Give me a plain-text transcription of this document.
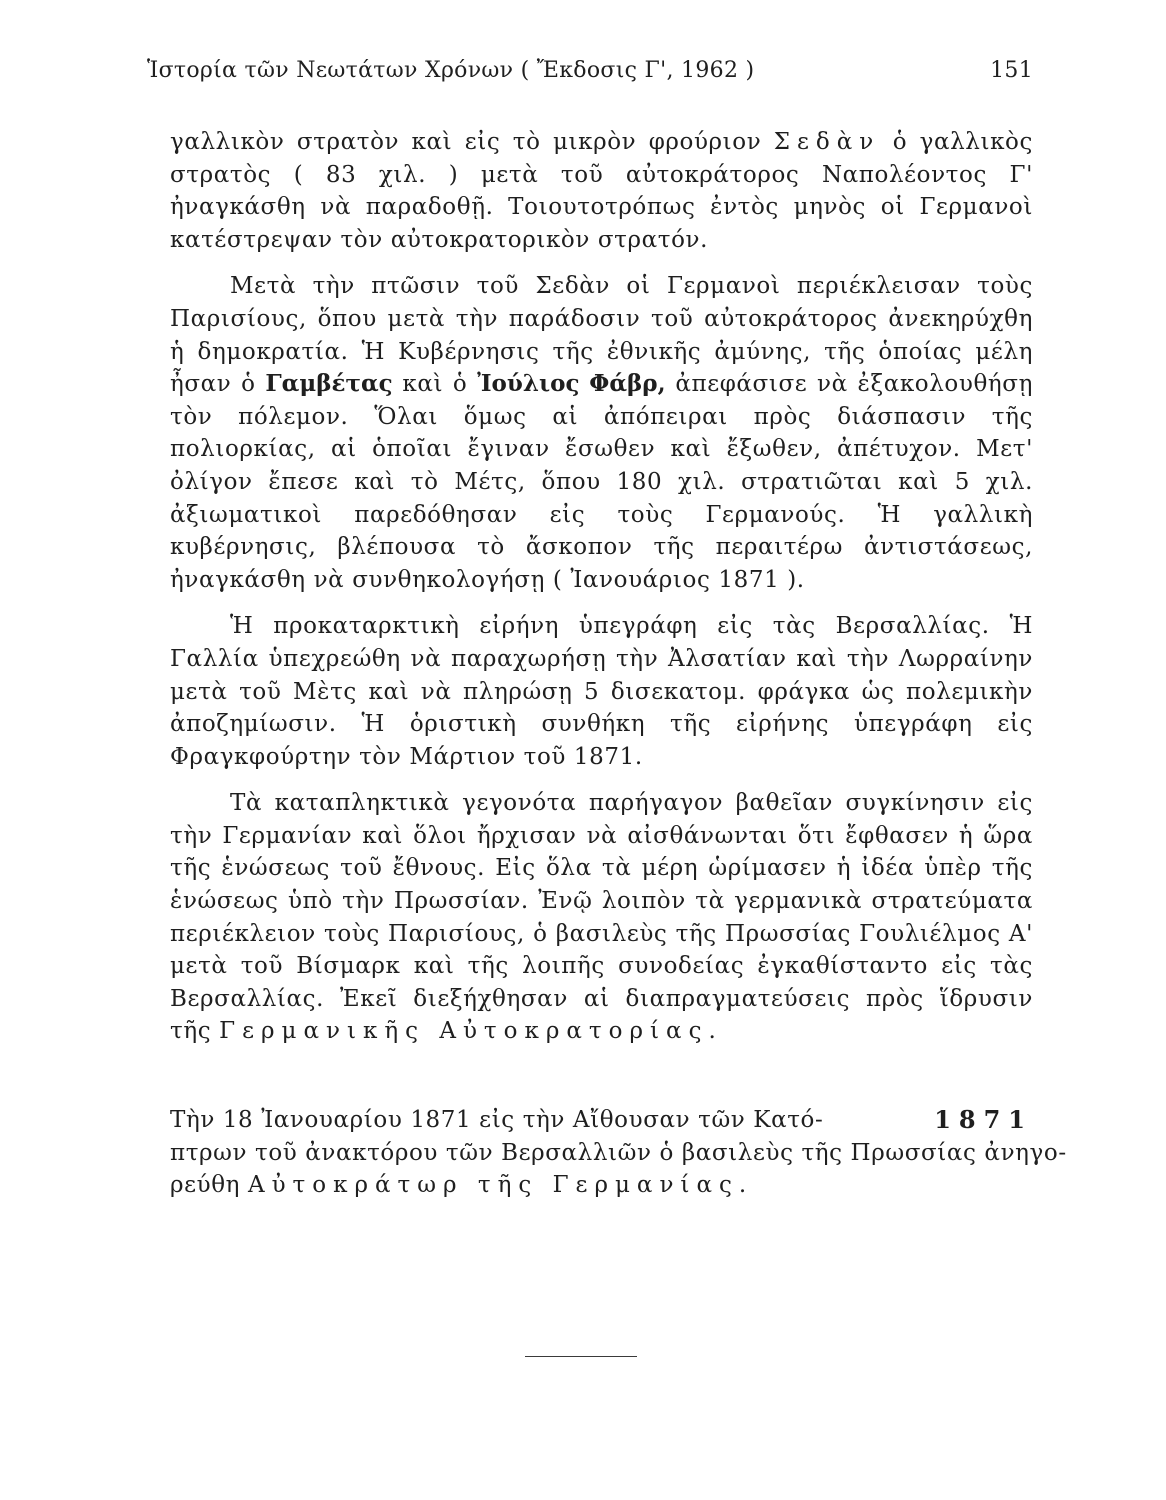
Ἱστορία τῶν Νεωτάτων Χρόνων ( Ἔκδοσις Γ', 1962 )	151

γαλλικὸν στρατὸν καὶ εἰς τὸ μικρὸν φρούριον Σεδὰν ὁ γαλλικὸς στρατὸς ( 83 χιλ. ) μετὰ τοῦ αὐτοκράτορος Ναπολέοντος Γ' ἠναγκάσθη νὰ παραδοθῇ. Τοιουτοτρόπως ἐντὸς μηνὸς οἱ Γερμανοὶ κατέστρεψαν τὸν αὐτοκρατορικὸν στρατόν.

Μετὰ τὴν πτῶσιν τοῦ Σεδὰν οἱ Γερμανοὶ περιέκλεισαν τοὺς Παρισίους, ὅπου μετὰ τὴν παράδοσιν τοῦ αὐτοκράτορος ἀνεκηρύχθη ἡ δημοκρατία. Ἡ Κυβέρνησις τῆς ἐθνικῆς ἀμύνης, τῆς ὁποίας μέλη ἦσαν ὁ Γαμβέτας καὶ ὁ Ἰούλιος Φάβρ, ἀπεφάσισε νὰ ἐξακολουθήσῃ τὸν πόλεμον. Ὅλαι ὅμως αἱ ἀπόπειραι πρὸς διάσπασιν τῆς πολιορκίας, αἱ ὁποῖαι ἔγιναν ἔσωθεν καὶ ἔξωθεν, ἀπέτυχον. Μετ' ὀλίγον ἔπεσε καὶ τὸ Μέτς, ὅπου 180 χιλ. στρατιῶται καὶ 5 χιλ. ἀξιωματικοὶ παρεδόθησαν εἰς τοὺς Γερμανούς. Ἡ γαλλικὴ κυβέρνησις, βλέπουσα τὸ ἄσκοπον τῆς περαιτέρω ἀντιστάσεως, ἠναγκάσθη νὰ συνθηκολογήσῃ ( Ἰανουάριος 1871 ).

Ἡ προκαταρκτικὴ εἰρήνη ὑπεγράφη εἰς τὰς Βερσαλλίας. Ἡ Γαλλία ὑπεχρεώθη νὰ παραχωρήσῃ τὴν Ἀλσατίαν καὶ τὴν Λωρραίνην μετὰ τοῦ Μὲτς καὶ νὰ πληρώσῃ 5 δισεκατομ. φράγκα ὡς πολεμικὴν ἀποζημίωσιν. Ἡ ὁριστικὴ συνθήκη τῆς εἰρήνης ὑπεγράφη εἰς Φραγκφούρτην τὸν Μάρτιον τοῦ 1871.

Τὰ καταπληκτικὰ γεγονότα παρήγαγον βαθεῖαν συγκίνησιν εἰς τὴν Γερμανίαν καὶ ὅλοι ἤρχισαν νὰ αἰσθάνωνται ὅτι ἔφθασεν ἡ ὥρα τῆς ἑνώσεως τοῦ ἔθνους. Εἰς ὅλα τὰ μέρη ὡρίμασεν ἡ ἰδέα ὑπὲρ τῆς ἑνώσεως ὑπὸ τὴν Πρωσσίαν. Ἐνῷ λοιπὸν τὰ γερμανικὰ στρατεύματα περιέκλειον τοὺς Παρισίους, ὁ βασιλεὺς τῆς Πρωσσίας Γουλιέλμος Α' μετὰ τοῦ Βίσμαρκ καὶ τῆς λοιπῆς συνοδείας ἐγκαθίσταντο εἰς τὰς Βερσαλλίας. Ἐκεῖ διεξήχθησαν αἱ διαπραγματεύσεις πρὸς ἵδρυσιν τῆς Γερμανικῆς Αὐτοκρατορίας.

Τὴν 18 Ἰανουαρίου 1871 εἰς τὴν Αἴθουσαν τῶν Κατό-	1871
πτρων τοῦ ἀνακτόρου τῶν Βερσαλλιῶν ὁ βασιλεὺς τῆς Πρωσσίας ἀνηγο-
ρεύθη Αὐτοκράτωρ τῆς Γερμανίας.
